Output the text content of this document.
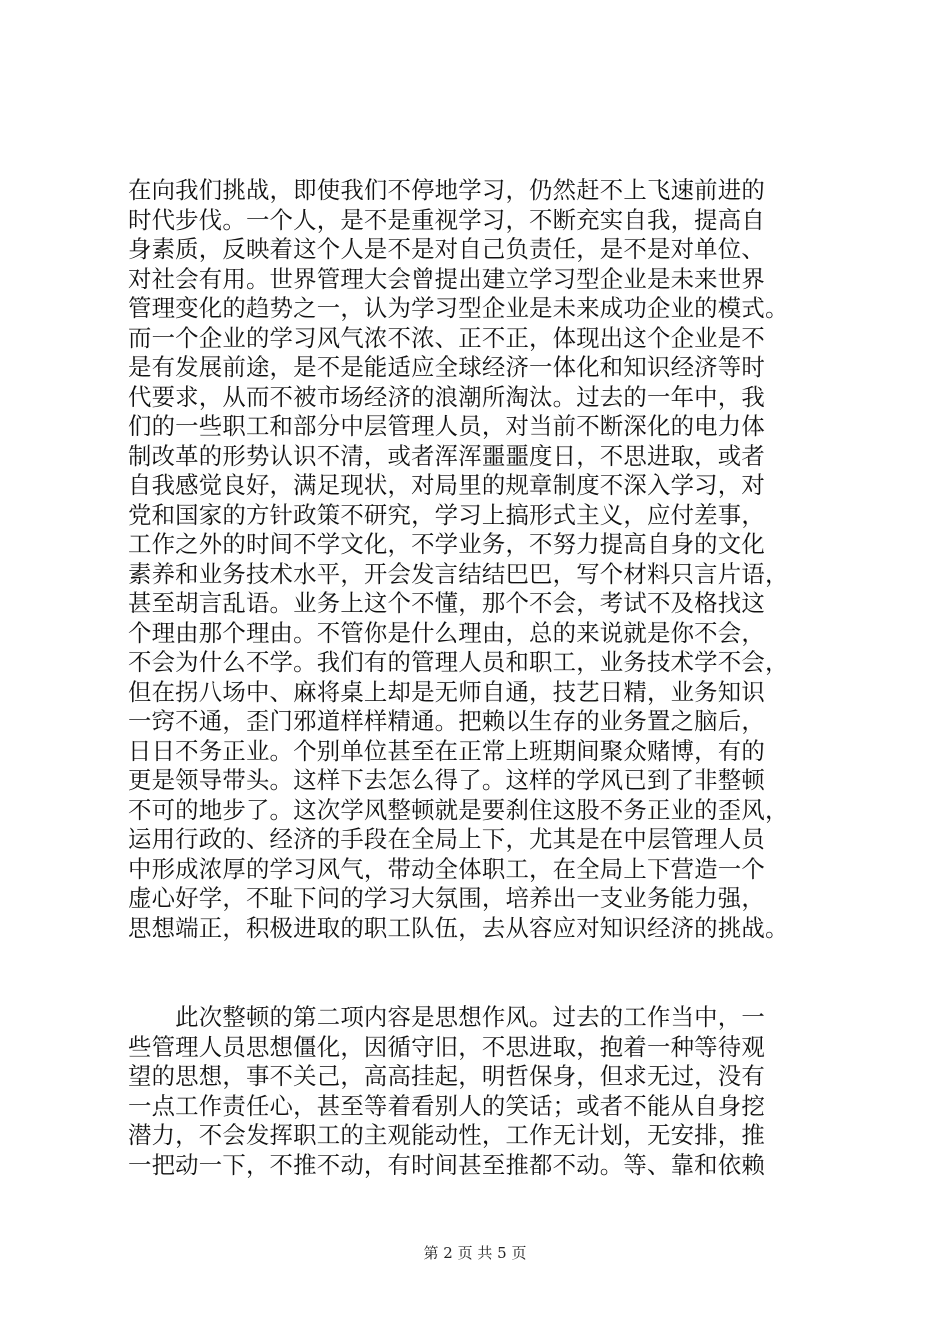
在向我们挑战，即使我们不停地学习，仍然赶不上飞速前进的
时代步伐。一个人，是不是重视学习，不断充实自我，提高自
身素质，反映着这个人是不是对自己负责任，是不是对单位、
对社会有用。世界管理大会曾提出建立学习型企业是未来世界
管理变化的趋势之一，认为学习型企业是未来成功企业的模式。
而一个企业的学习风气浓不浓、正不正，体现出这个企业是不
是有发展前途，是不是能适应全球经济一体化和知识经济等时
代要求，从而不被市场经济的浪潮所淘汰。过去的一年中，我
们的一些职工和部分中层管理人员，对当前不断深化的电力体
制改革的形势认识不清，或者浑浑噩噩度日，不思进取，或者
自我感觉良好，满足现状，对局里的规章制度不深入学习，对
党和国家的方针政策不研究，学习上搞形式主义，应付差事，
工作之外的时间不学文化，不学业务，不努力提高自身的文化
素养和业务技术水平，开会发言结结巴巴，写个材料只言片语，
甚至胡言乱语。业务上这个不懂，那个不会，考试不及格找这
个理由那个理由。不管你是什么理由，总的来说就是你不会，
不会为什么不学。我们有的管理人员和职工，业务技术学不会，
但在拐八场中、麻将桌上却是无师自通，技艺日精，业务知识
一窍不通，歪门邪道样样精通。把赖以生存的业务置之脑后，
日日不务正业。个别单位甚至在正常上班期间聚众赌博，有的
更是领导带头。这样下去怎么得了。这样的学风已到了非整顿
不可的地步了。这次学风整顿就是要刹住这股不务正业的歪风，
运用行政的、经济的手段在全局上下，尤其是在中层管理人员
中形成浓厚的学习风气，带动全体职工，在全局上下营造一个
虚心好学，不耻下问的学习大氛围，培养出一支业务能力强，
思想端正，积极进取的职工队伍，去从容应对知识经济的挑战。
　　此次整顿的第二项内容是思想作风。过去的工作当中，一
些管理人员思想僵化，因循守旧，不思进取，抱着一种等待观
望的思想，事不关己，高高挂起，明哲保身，但求无过，没有
一点工作责任心，甚至等着看别人的笑话；或者不能从自身挖
潜力，不会发挥职工的主观能动性，工作无计划，无安排，推
一把动一下，不推不动，有时间甚至推都不动。等、靠和依赖
第 2 页 共 5 页
